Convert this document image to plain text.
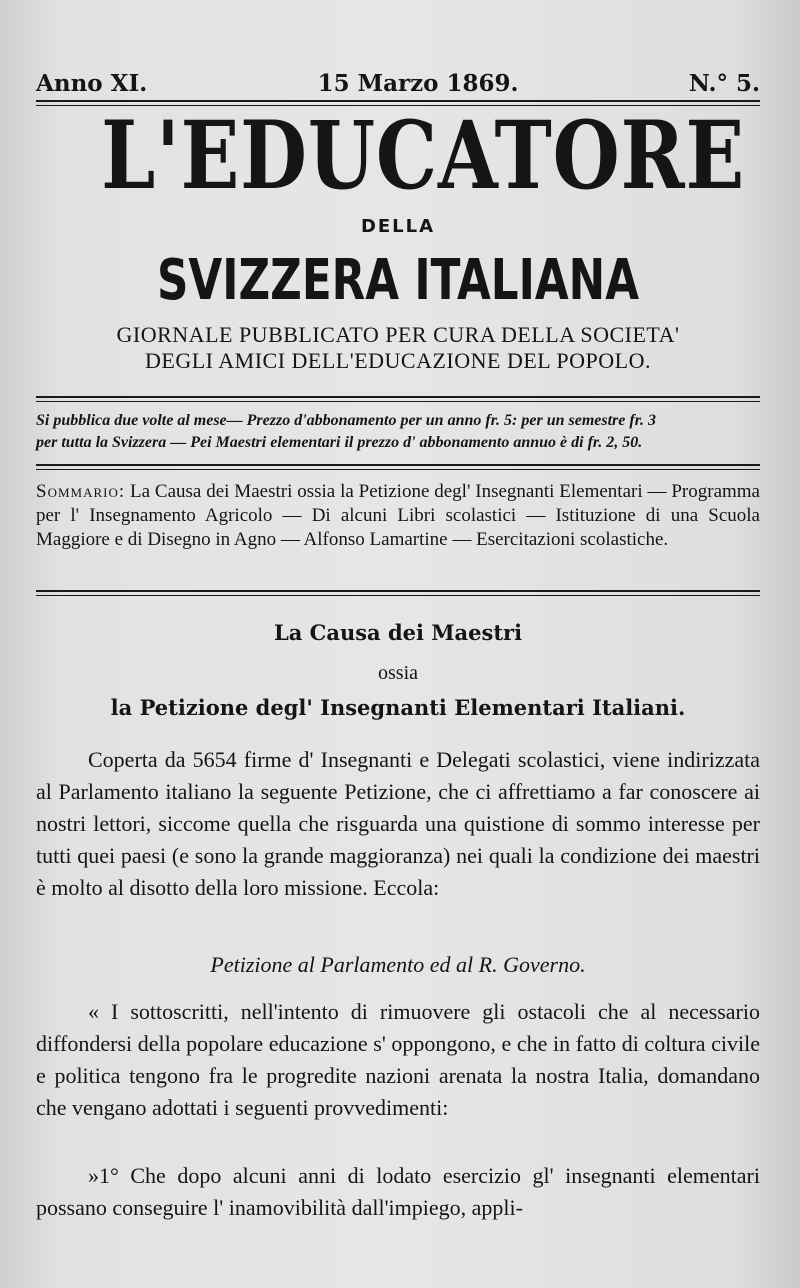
Anno XI.	15 Marzo 1869.	N.° 5.
L'EDUCATORE
DELLA
SVIZZERA ITALIANA
GIORNALE PUBBLICATO PER CURA DELLA SOCIETA'
DEGLI AMICI DELL'EDUCAZIONE DEL POPOLO.
Si pubblica due volte al mese— Prezzo d'abbonamento per un anno fr. 5: per un semestre fr. 3
per tutta la Svizzera — Pei Maestri elementari il prezzo d' abbonamento annuo è di fr. 2, 50.
Sommario: La Causa dei Maestri ossia la Petizione degl' Insegnanti Elementari — Programma per l' Insegnamento Agricolo — Di alcuni Libri scolastici — Istituzione di una Scuola Maggiore e di Disegno in Agno — Alfonso Lamartine — Esercitazioni scolastiche.
La Causa dei Maestri
ossia
la Petizione degl' Insegnanti Elementari Italiani.

Coperta da 5654 firme d' Insegnanti e Delegati scolastici, viene indirizzata al Parlamento italiano la seguente Petizione, che ci affrettiamo a far conoscere ai nostri lettori, siccome quella che risguarda una quistione di sommo interesse per tutti quei paesi (e sono la grande maggioranza) nei quali la condizione dei maestri è molto al disotto della loro missione. Eccola:

Petizione al Parlamento ed al R. Governo.

« I sottoscritti, nell'intento di rimuovere gli ostacoli che al necessario diffondersi della popolare educazione s' oppongono, e che in fatto di coltura civile e politica tengono fra le progredite nazioni arenata la nostra Italia, domandano che vengano adottati i seguenti provvedimenti:

»1° Che dopo alcuni anni di lodato esercizio gl' insegnanti elementari possano conseguire l' inamovibilità dall'impiego, appli-
